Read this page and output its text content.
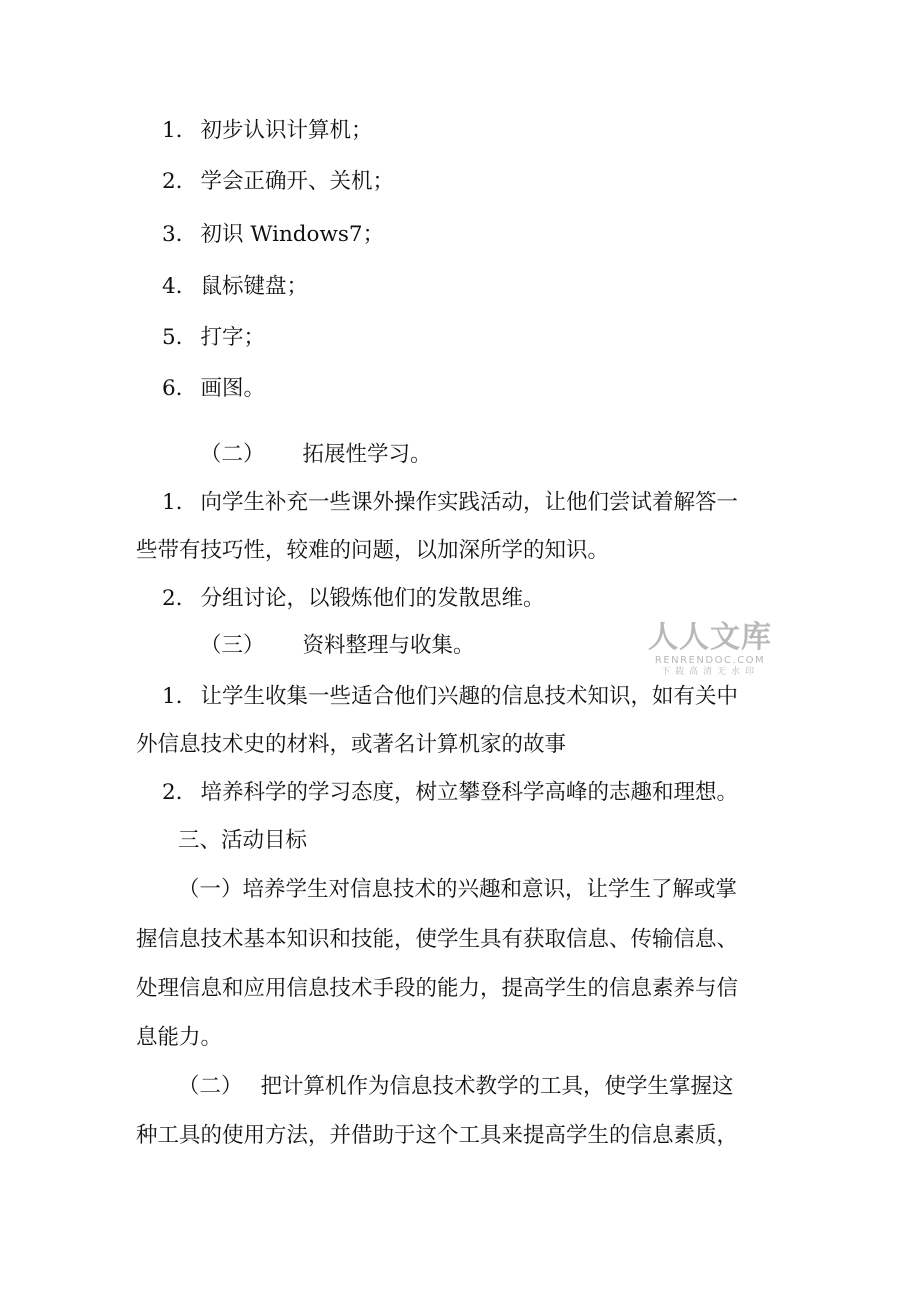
1. 初步认识计算机；
2. 学会正确开、关机；
3. 初识 Windows7；
4. 鼠标键盘；
5. 打字；
6. 画图。
（二） 拓展性学习。
1. 向学生补充一些课外操作实践活动，让他们尝试着解答一
些带有技巧性，较难的问题，以加深所学的知识。
2. 分组讨论，以锻炼他们的发散思维。
（三） 资料整理与收集。
1. 让学生收集一些适合他们兴趣的信息技术知识，如有关中
外信息技术史的材料，或著名计算机家的故事
2. 培养科学的学习态度，树立攀登科学高峰的志趣和理想。
三、活动目标
（一）培养学生对信息技术的兴趣和意识，让学生了解或掌
握信息技术基本知识和技能，使学生具有获取信息、传输信息、
处理信息和应用信息技术手段的能力，提高学生的信息素养与信
息能力。
（二） 把计算机作为信息技术教学的工具，使学生掌握这
种工具的使用方法，并借助于这个工具来提高学生的信息素质，
人人文库
RENRENDOC.COM
下载高清无水印
